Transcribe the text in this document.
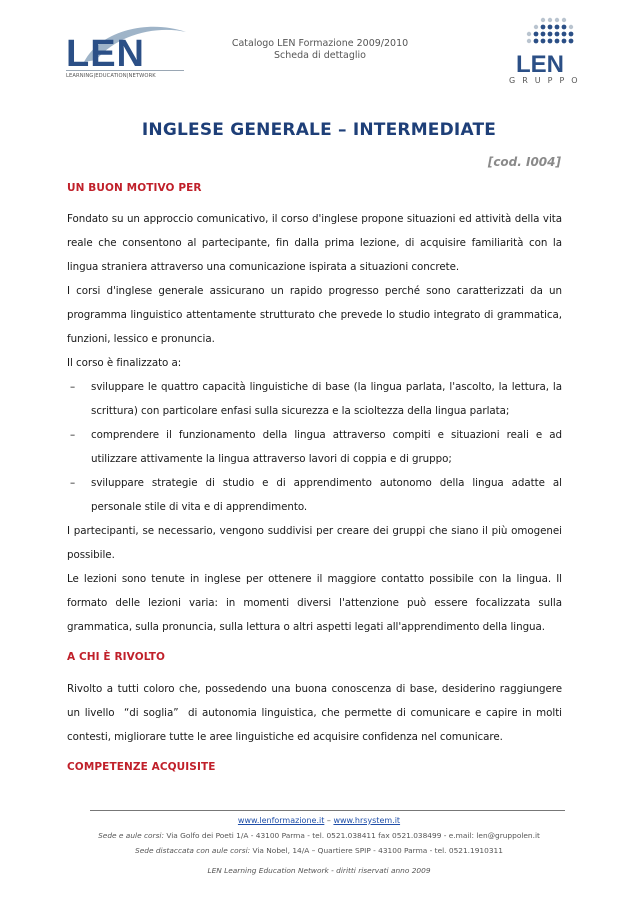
LEN
LEARNING|EDUCATION|NETWORK
Catalogo LEN Formazione 2009/2010
Scheda di dettaglio	LEN
GRUPPO
INGLESE GENERALE – INTERMEDIATE
[cod. I004]
UN BUON MOTIVO PER

Fondato su un approccio comunicativo, il corso d'inglese propone situazioni ed attività della vita reale che consentono al partecipante, fin dalla prima lezione, di acquisire familiarità con la lingua straniera attraverso una comunicazione ispirata a situazioni concrete.

I corsi d'inglese generale assicurano un rapido progresso perché sono caratterizzati da un programma linguistico attentamente strutturato che prevede lo studio integrato di grammatica, funzioni, lessico e pronuncia.

Il corso è finalizzato a:

– sviluppare le quattro capacità linguistiche di base (la lingua parlata, l'ascolto, la lettura, la scrittura) con particolare enfasi sulla sicurezza e la scioltezza della lingua parlata;
– comprendere il funzionamento della lingua attraverso compiti e situazioni reali e ad utilizzare attivamente la lingua attraverso lavori di coppia e di gruppo;
– sviluppare strategie di studio e di apprendimento autonomo della lingua adatte al personale stile di vita e di apprendimento.

I partecipanti, se necessario, vengono suddivisi per creare dei gruppi che siano il più omogenei possibile.

Le lezioni sono tenute in inglese per ottenere il maggiore contatto possibile con la lingua. Il formato delle lezioni varia: in momenti diversi l'attenzione può essere focalizzata sulla grammatica, sulla pronuncia, sulla lettura o altri aspetti legati all'apprendimento della lingua.

A CHI È RIVOLTO

Rivolto a tutti coloro che, possedendo una buona conoscenza di base, desiderino raggiungere un livello  “di soglia”  di autonomia linguistica, che permette di comunicare e capire in molti contesti, migliorare tutte le aree linguistiche ed acquisire confidenza nel comunicare.

COMPETENZE ACQUISITE
www.lenformazione.it – www.hrsystem.it
Sede e aule corsi: Via Golfo dei Poeti 1/A - 43100 Parma - tel. 0521.038411 fax 0521.038499 - e.mail: len@gruppolen.it
Sede distaccata con aule corsi: Via Nobel, 14/A – Quartiere SPIP - 43100 Parma - tel. 0521.1910311
LEN Learning Education Network - diritti riservati anno 2009
